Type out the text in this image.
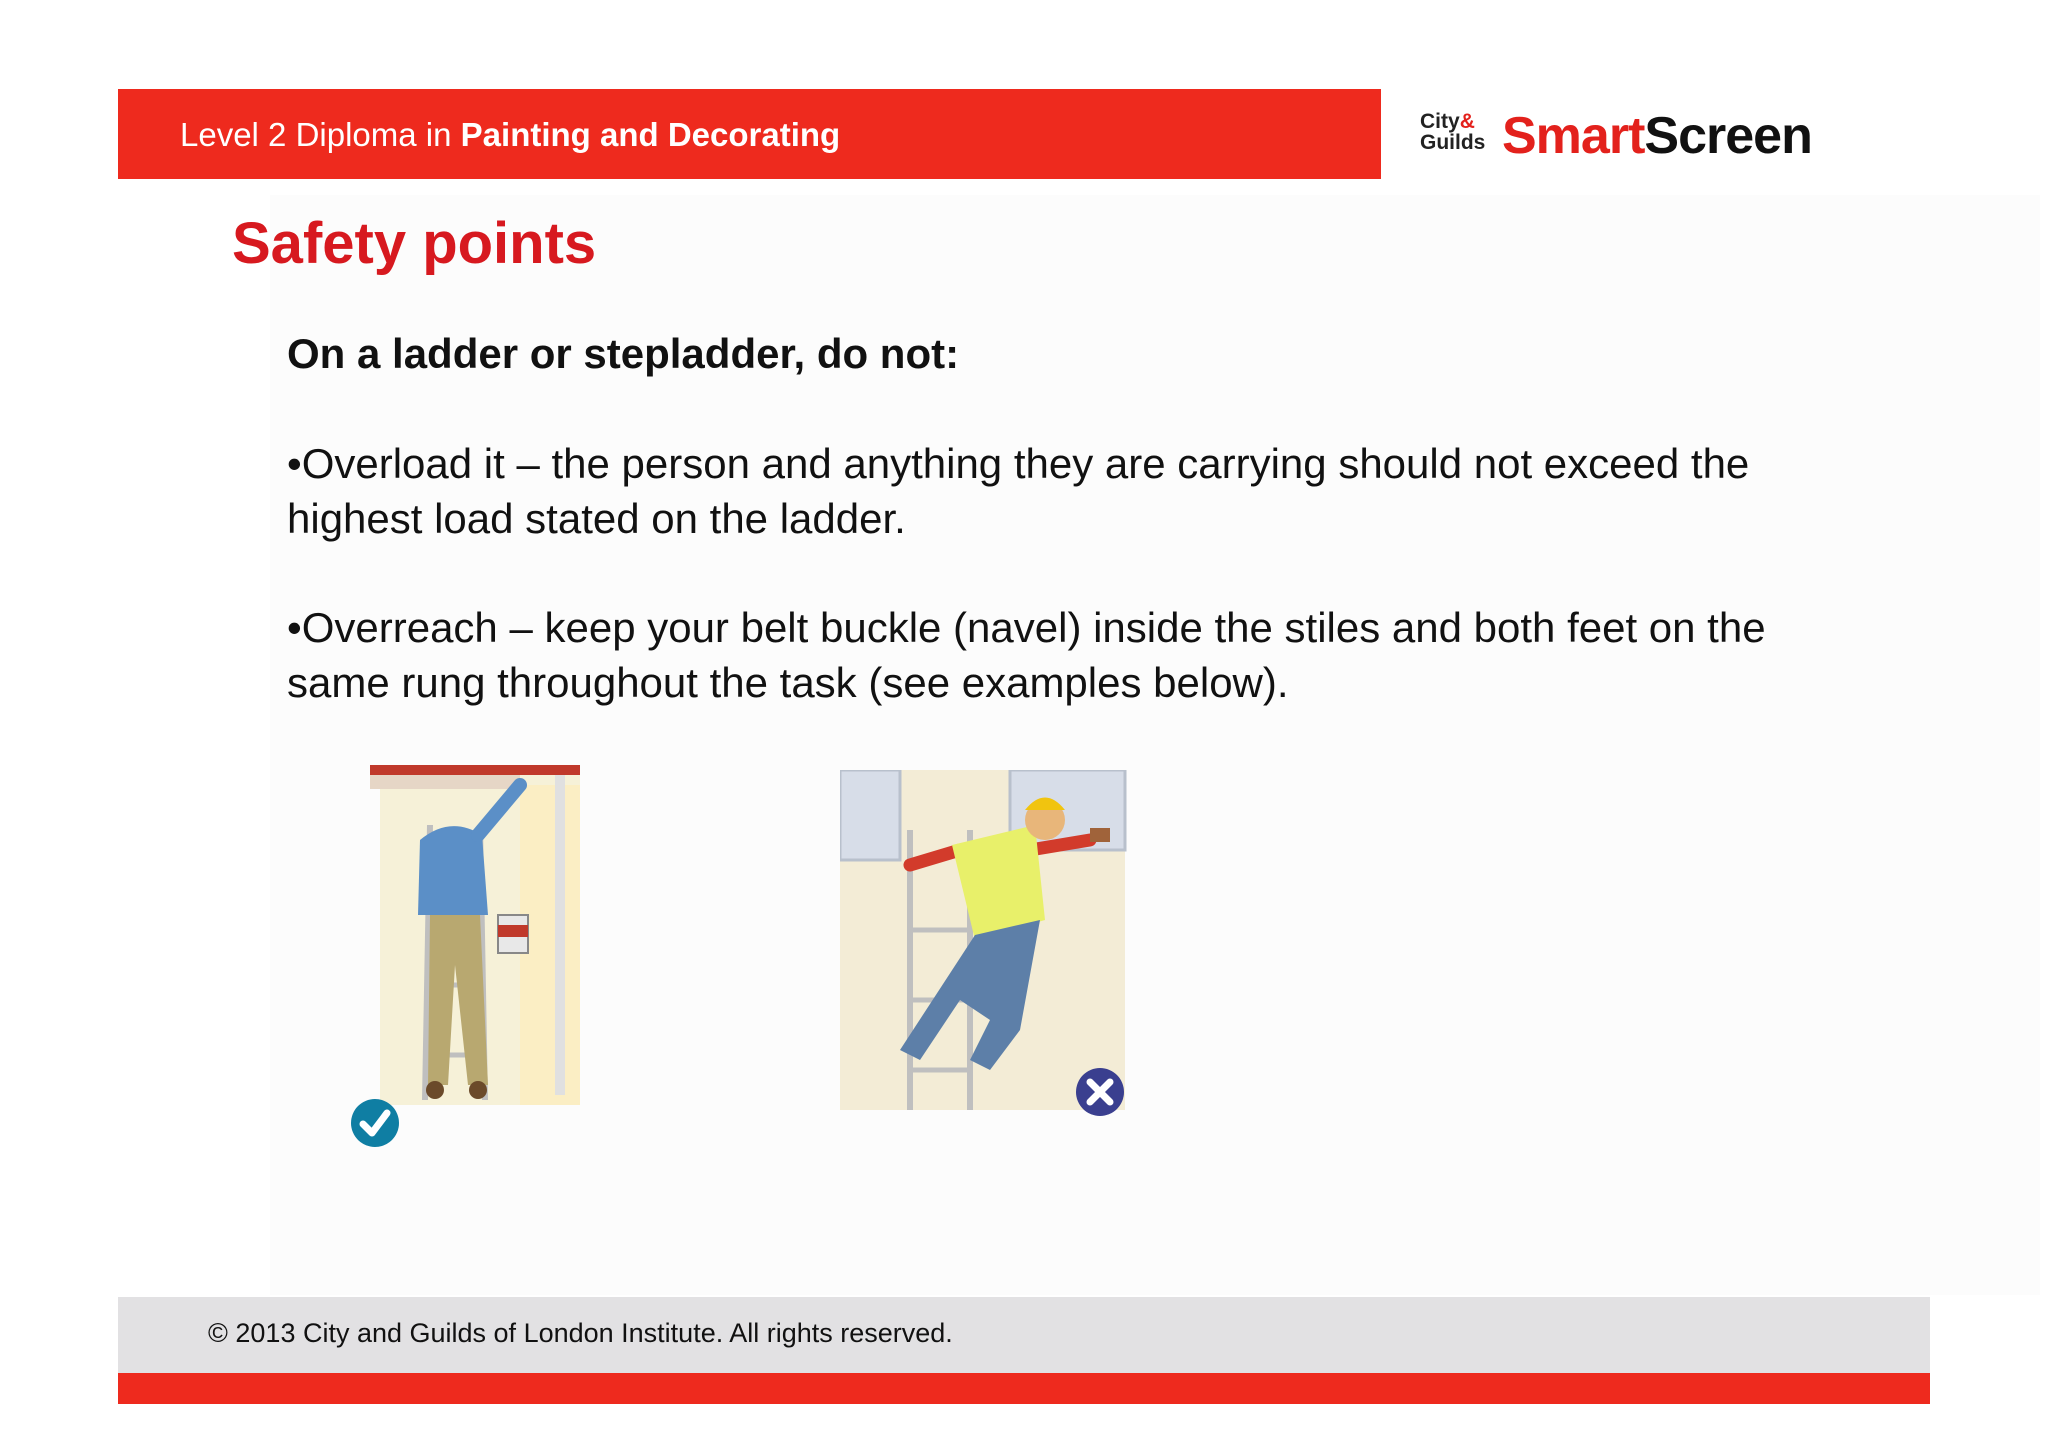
Level 2 Diploma in Painting and Decorating	City&
Guilds SmartScreen
Safety points
On a ladder or stepladder, do not:
•Overload it – the person and anything they are carrying should not exceed the highest load stated on the ladder.
•Overreach – keep your belt buckle (navel) inside the stiles and both feet on the same rung throughout the task (see examples below).
© 2013 City and Guilds of London Institute. All rights reserved.
